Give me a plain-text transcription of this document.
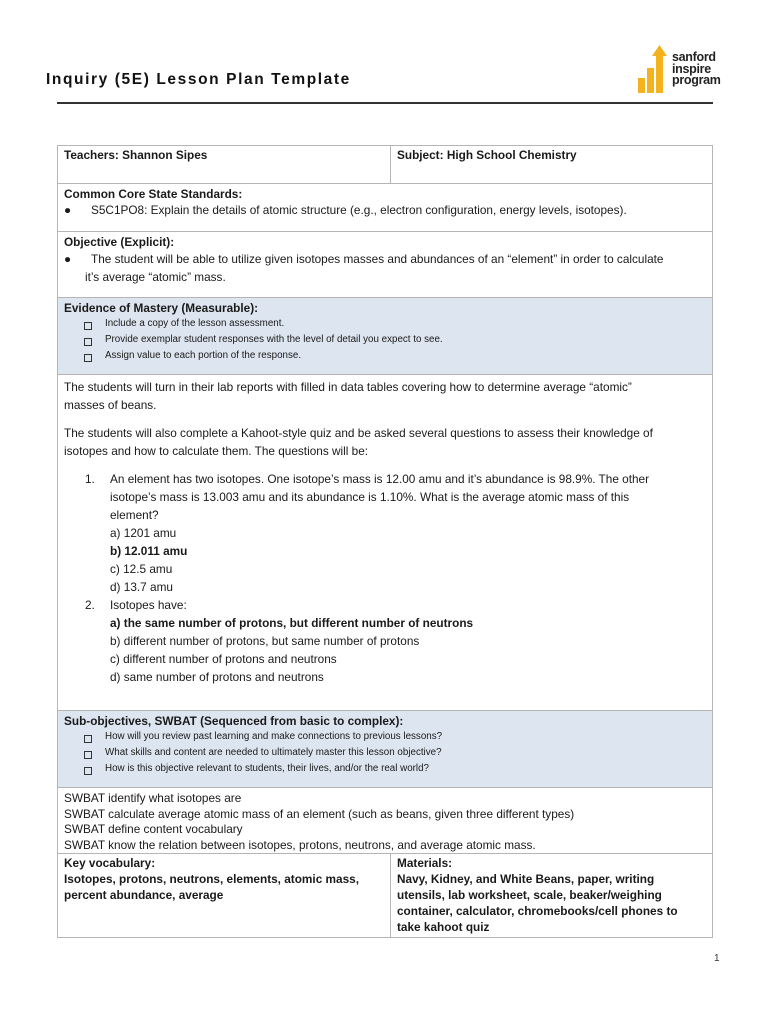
Inquiry (5E) Lesson Plan Template
sanford
inspire
program
Teachers: Shannon Sipes	Subject: High School Chemistry

Common Core State Standards:
● S5C1PO8: Explain the details of atomic structure (e.g., electron configuration, energy levels, isotopes).	

Objective (Explicit):
● The student will be able to utilize given isotopes masses and abundances of an “element” in order to calculate
it’s average “atomic” mass.	

Evidence of Mastery (Measurable):
Include a copy of the lesson assessment.
Provide exemplar student responses with the level of detail you expect to see.
Assign value to each portion of the response.

The students will turn in their lab reports with filled in data tables covering how to determine average “atomic”
masses of beans.

The students will also complete a Kahoot-style quiz and be asked several questions to assess their knowledge of
isotopes and how to calculate them. The questions will be:

1.	An element has two isotopes. One isotope’s mass is 12.00 amu and it’s abundance is 98.9%. The other
isotope’s mass is 13.003 amu and its abundance is 1.10%. What is the average atomic mass of this
element?
a) 1201 amu
b) 12.011 amu
c) 12.5 amu
d) 13.7 amu
2.	Isotopes have:
a) the same number of protons, but different number of neutrons
b) different number of protons, but same number of protons
c) different number of protons and neutrons
d) same number of protons and neutrons

Sub-objectives, SWBAT (Sequenced from basic to complex):
How will you review past learning and make connections to previous lessons?
What skills and content are needed to ultimately master this lesson objective?
How is this objective relevant to students, their lives, and/or the real world?

SWBAT identify what isotopes are
SWBAT calculate average atomic mass of an element (such as beans, given three different types)
SWBAT define content vocabulary
SWBAT know the relation between isotopes, protons, neutrons, and average atomic mass.	

Key vocabulary:
Isotopes, protons, neutrons, elements, atomic mass,
percent abundance, average

Materials:
Navy, Kidney, and White Beans, paper, writing
utensils, lab worksheet, scale, beaker/weighing
container, calculator, chromebooks/cell phones to
take kahoot quiz
1
